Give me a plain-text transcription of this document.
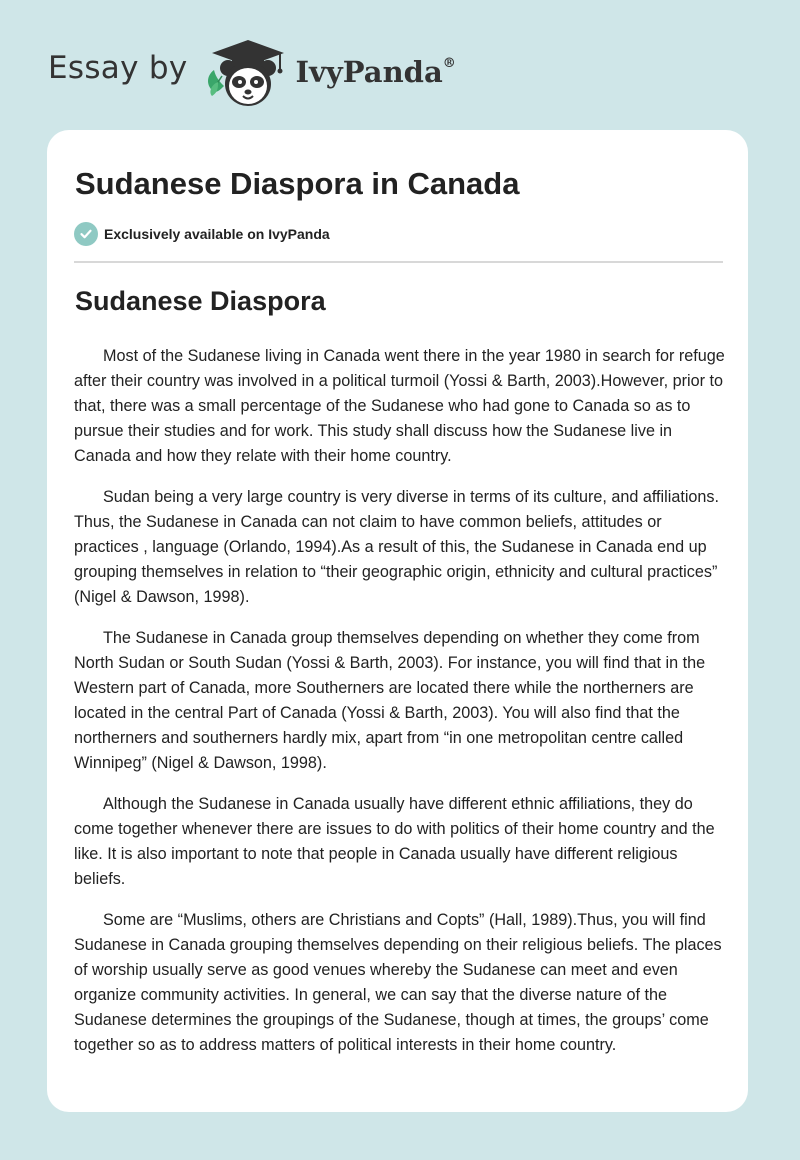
Essay by	IvyPanda®
Sudanese Diaspora in Canada
Exclusively available on IvyPanda
Sudanese Diaspora

Most of the Sudanese living in Canada went there in the year 1980 in search for refuge after their country was involved in a political turmoil (Yossi & Barth, 2003).However, prior to that, there was a small percentage of the Sudanese who had gone to Canada so as to pursue their studies and for work. This study shall discuss how the Sudanese live in Canada and how they relate with their home country.

Sudan being a very large country is very diverse in terms of its culture, and affiliations. Thus, the Sudanese in Canada can not claim to have common beliefs, attitudes or practices , language (Orlando, 1994).As a result of this, the Sudanese in Canada end up grouping themselves in relation to “their geographic origin, ethnicity and cultural practices” (Nigel & Dawson, 1998).

The Sudanese in Canada group themselves depending on whether they come from North Sudan or South Sudan (Yossi & Barth, 2003). For instance, you will find that in the Western part of Canada, more Southerners are located there while the northerners are located in the central Part of Canada (Yossi & Barth, 2003). You will also find that the northerners and southerners hardly mix, apart from “in one metropolitan centre called Winnipeg” (Nigel & Dawson, 1998).

Although the Sudanese in Canada usually have different ethnic affiliations, they do come together whenever there are issues to do with politics of their home country and the like. It is also important to note that people in Canada usually have different religious beliefs.

Some are “Muslims, others are Christians and Copts” (Hall, 1989).Thus, you will find Sudanese in Canada grouping themselves depending on their religious beliefs. The places of worship usually serve as good venues whereby the Sudanese can meet and even organize community activities. In general, we can say that the diverse nature of the Sudanese determines the groupings of the Sudanese, though at times, the groups’ come together so as to address matters of political interests in their home country.
